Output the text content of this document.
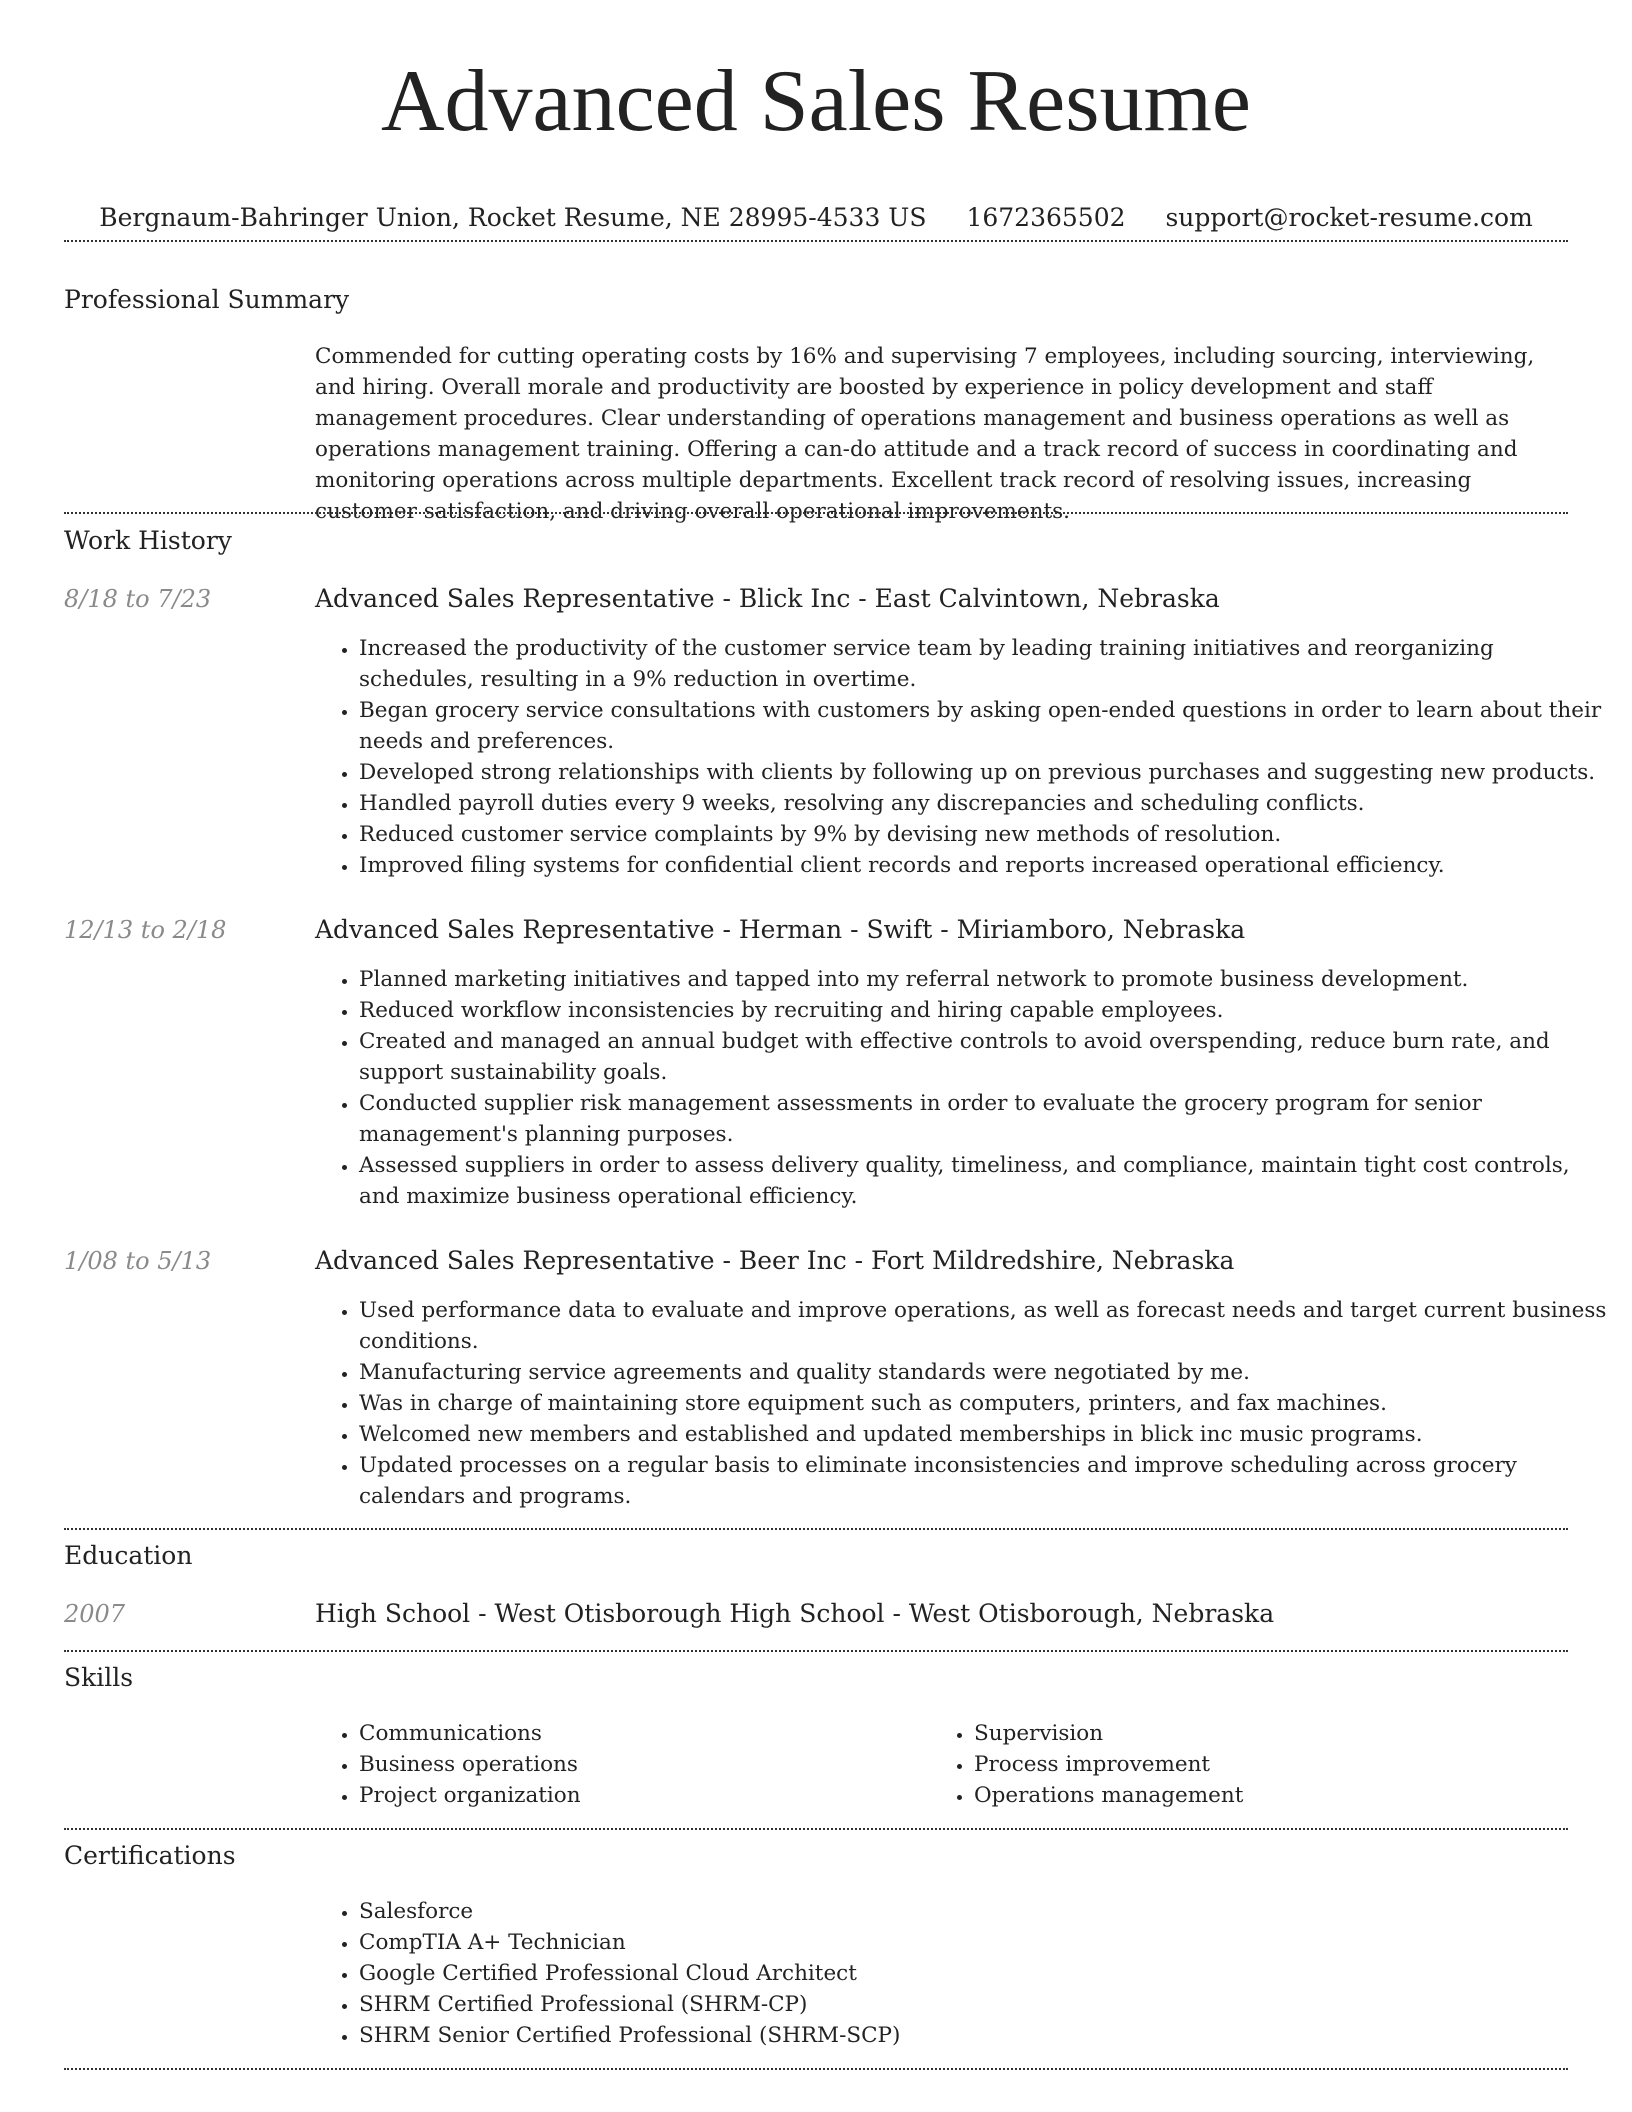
Advanced Sales Resume
Bergnaum-Bahringer Union, Rocket Resume, NE 28995-4533 US 1672365502 support@rocket-resume.com
Professional Summary

Commended for cutting operating costs by 16% and supervising 7 employees, including sourcing, interviewing, and hiring. Overall morale and productivity are boosted by experience in policy development and staff management procedures. Clear understanding of operations management and business operations as well as operations management training. Offering a can-do attitude and a track record of success in coordinating and monitoring operations across multiple departments. Excellent track record of resolving issues, increasing customer satisfaction, and driving overall operational improvements.

Work History
8/18 to 7/23	Advanced Sales Representative - Blick Inc - East Calvintown, Nebraska
• Increased the productivity of the customer service team by leading training initiatives and reorganizing schedules, resulting in a 9% reduction in overtime.
• Began grocery service consultations with customers by asking open-ended questions in order to learn about their needs and preferences.
• Developed strong relationships with clients by following up on previous purchases and suggesting new products.
• Handled payroll duties every 9 weeks, resolving any discrepancies and scheduling conflicts.
• Reduced customer service complaints by 9% by devising new methods of resolution.
• Improved filing systems for confidential client records and reports increased operational efficiency.
12/13 to 2/18	Advanced Sales Representative - Herman - Swift - Miriamboro, Nebraska
• Planned marketing initiatives and tapped into my referral network to promote business development.
• Reduced workflow inconsistencies by recruiting and hiring capable employees.
• Created and managed an annual budget with effective controls to avoid overspending, reduce burn rate, and support sustainability goals.
• Conducted supplier risk management assessments in order to evaluate the grocery program for senior management's planning purposes.
• Assessed suppliers in order to assess delivery quality, timeliness, and compliance, maintain tight cost controls, and maximize business operational efficiency.
1/08 to 5/13	Advanced Sales Representative - Beer Inc - Fort Mildredshire, Nebraska
• Used performance data to evaluate and improve operations, as well as forecast needs and target current business conditions.
• Manufacturing service agreements and quality standards were negotiated by me.
• Was in charge of maintaining store equipment such as computers, printers, and fax machines.
• Welcomed new members and established and updated memberships in blick inc music programs.
• Updated processes on a regular basis to eliminate inconsistencies and improve scheduling across grocery calendars and programs.
Education
2007	High School - West Otisborough High School - West Otisborough, Nebraska
Skills
• Communications
• Business operations
• Project organization
• Supervision
• Process improvement
• Operations management
Certifications
• Salesforce
• CompTIA A+ Technician
• Google Certified Professional Cloud Architect
• SHRM Certified Professional (SHRM-CP)
• SHRM Senior Certified Professional (SHRM-SCP)
